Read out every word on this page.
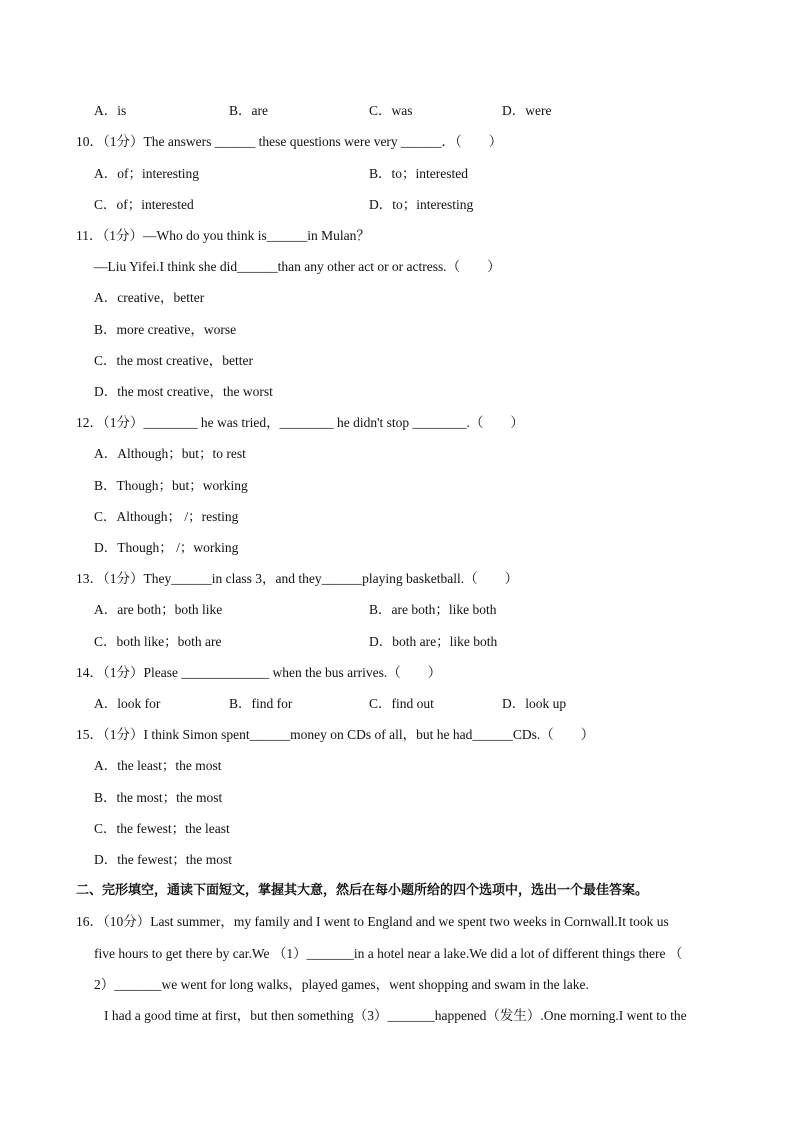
A．is	B．are	C．was	D．were
10．（1分）The answers ______ these questions were very ______．（　　）
A．of；interesting	B．to；interested
C．of；interested	D．to；interesting
11．（1分）—Who do you think is______in Mulan？
—Liu Yifei.I think she did______than any other act or or actress.（　　）
A．creative，better
B．more creative，worse
C．the most creative，better
D．the most creative，the worst
12．（1分）________ he was tried，________ he didn't stop ________.（　　）
A．Although；but；to rest
B．Though；but；working
C．Although； /；resting
D．Though； /；working
13．（1分）They______in class 3，and they______playing basketball.（　　）
A．are both；both like	B．are both；like both
C．both like；both are	D．both are；like both
14．（1分）Please _____________ when the bus arrives.（　　）
A．look for	B．find for	C．find out	D．look up
15．（1分）I think Simon spent______money on CDs of all，but he had______CDs.（　　）
A．the least；the most
B．the most；the most
C．the fewest；the least
D．the fewest；the most
二、完形填空，通读下面短文，掌握其大意，然后在每小题所给的四个选项中，选出一个最佳答案。
16．（10分）Last summer，my family and I went to England and we spent two weeks in Cornwall.It took us
five hours to get there by car.We （1）_______in a hotel near a lake.We did a lot of different things there （
2）_______we went for long walks，played games，went shopping and swam in the lake.
I had a good time at first，but then something（3）_______happened（发生）.One morning.I went to the
